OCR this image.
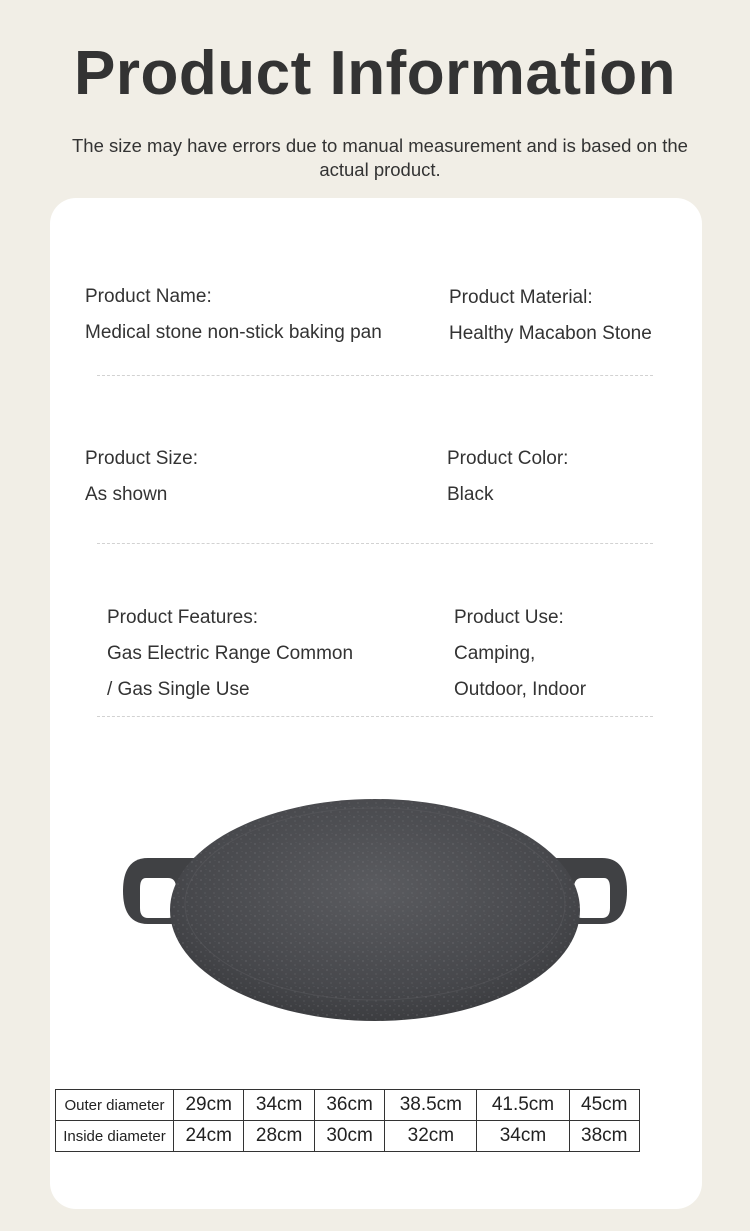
Product Information
The size may have errors due to manual measurement and is based on the actual product.
Product Name:
Medical stone non-stick baking pan
Product Material:
Healthy Macabon Stone
Product Size:
As shown
Product Color:
Black
Product Features:
Gas Electric Range Common
/ Gas Single Use
Product Use:
Camping,
Outdoor, Indoor
Outer diameter	29cm	34cm	36cm	38.5cm	41.5cm	45cm
Inside diameter	24cm	28cm	30cm	32cm	34cm	38cm
